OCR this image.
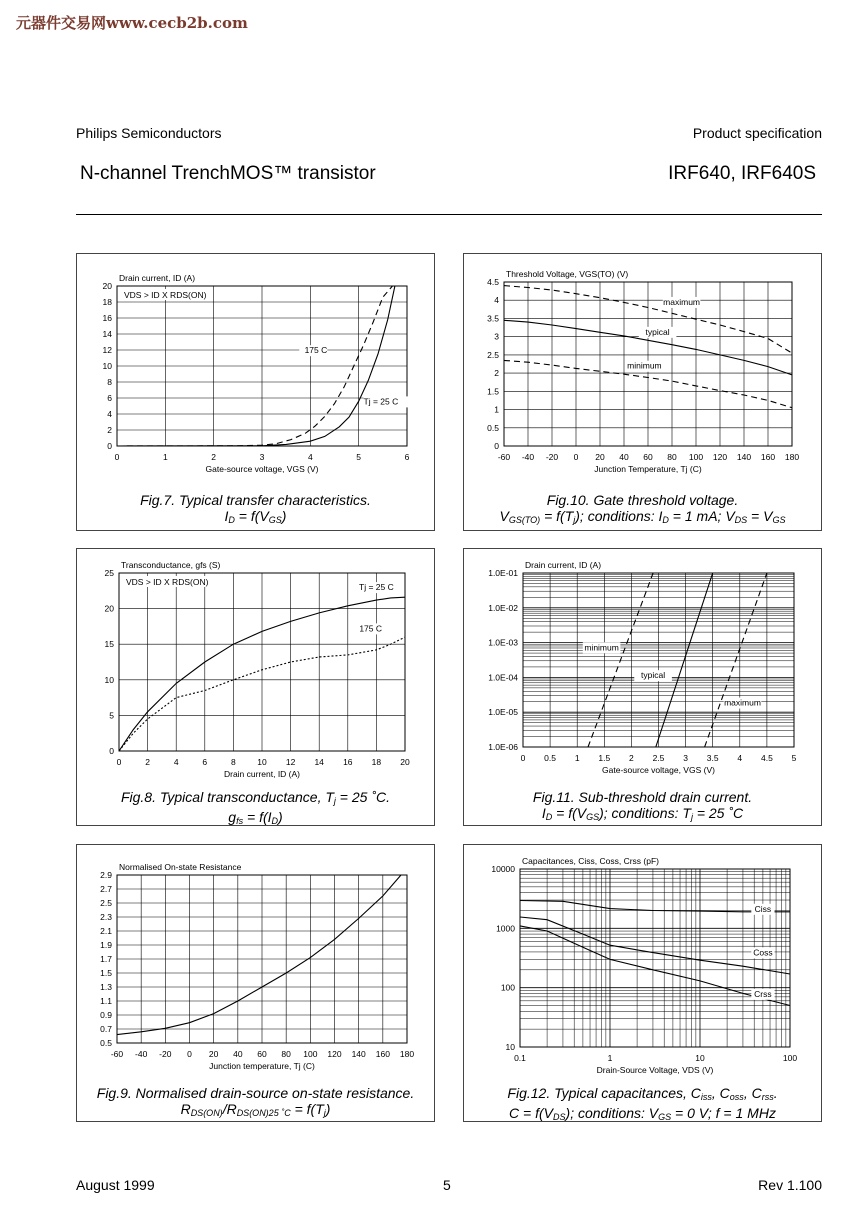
元器件交易网www.cecb2b.com
Philips Semiconductors	Product specification
N-channel TrenchMOS™ transistor	IRF640, IRF640S
0	1	2	3	4	5	6
0
2
4
6
8
10
12
14
16
18
20
Drain current, ID (A)
Gate-source voltage, VGS (V)
VDS > ID X RDS(ON)
175 C
Tj = 25 C
Fig.7. Typical transfer characteristics.
$I_D = f(V_{GS})$
-60 -40 -20 0 20 40 60 80 100 120 140 160 180
0
0.5
1
1.5
2
2.5
3
3.5
4
4.5
Threshold Voltage, VGS(TO) (V)
Junction Temperature, Tj (C)
maximum
typical
minimum
Fig.10. Gate threshold voltage.
$V_{GS(TO)} = f(T_j)$; conditions: $I_D = 1$ mA; $V_{DS} = V_{GS}$
0	2	4	6	8	10 12 14 16 18 20
0
5
10
15
20
25
Transconductance, gfs (S)
Drain current, ID (A)
VDS > ID X RDS(ON)
Tj = 25 C
175 C
Fig.8. Typical transconductance, $T_j = 25$ ˚C.
$g_{fs} = f(I_D)$
0 0.5 1 1.5 2 2.5 3 3.5 4 4.5 5
1.0E-06
1.0E-05
1.0E-04
1.0E-03
1.0E-02
1.0E-01
Drain current, ID (A)
Gate-source voltage, VGS (V)
minimum
typical
maximum
Fig.11. Sub-threshold drain current.
$I_D = f(V_{GS})$; conditions: $T_j = 25$ ˚C
-60 -40 -20 0 20 40 60 80 100 120 140 160 180
0.5
0.7
0.9
1.1
1.3
1.5
1.7
1.9
2.1
2.3
2.5
2.7
2.9
Normalised On-state Resistance
Junction temperature, Tj (C)
Fig.9. Normalised drain-source on-state resistance.
$R_{DS(ON)}/R_{DS(ON)25 ˚C} = f(T_j)$
0.1	1	10	100
10
100
1000
10000
Capacitances, Ciss, Coss, Crss (pF)
Drain-Source Voltage, VDS (V)
Ciss
Coss
Crss
Fig.12. Typical capacitances, $C_{iss}$, $C_{oss}$, $C_{rss}$.
$C = f(V_{DS})$; conditions: $V_{GS} = 0$ V; f = 1 MHz
August 1999	5	Rev 1.100
